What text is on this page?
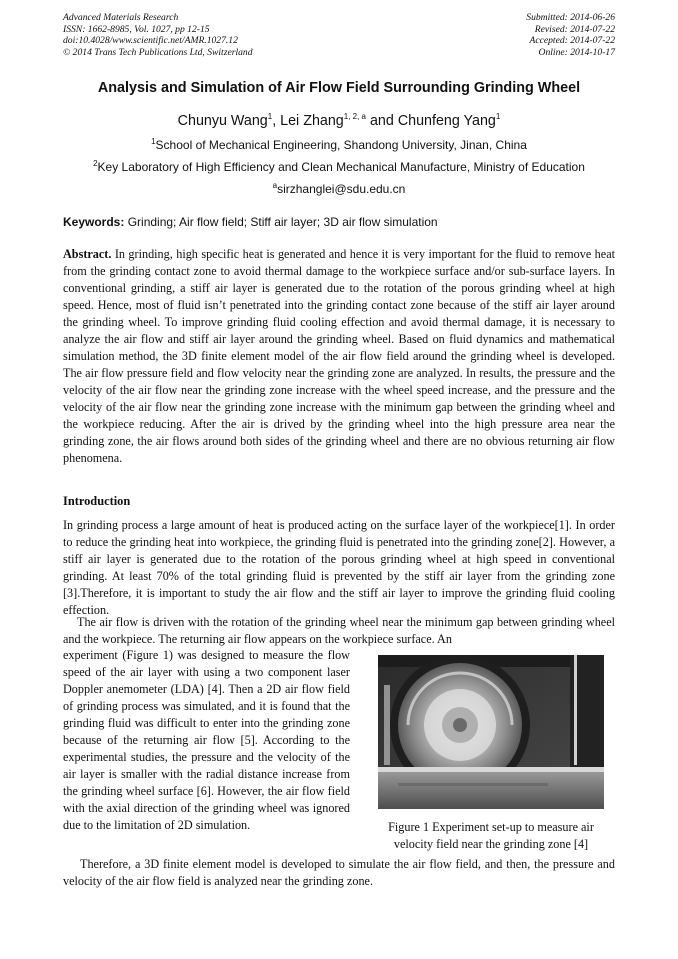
Advanced Materials Research
ISSN: 1662-8985, Vol. 1027, pp 12-15
doi:10.4028/www.scientific.net/AMR.1027.12
© 2014 Trans Tech Publications Ltd, Switzerland
Submitted: 2014-06-26
Revised: 2014-07-22
Accepted: 2014-07-22
Online: 2014-10-17
Analysis and Simulation of Air Flow Field Surrounding Grinding Wheel
Chunyu Wang$^1$, Lei Zhang$^{1, 2, a}$ and Chunfeng Yang$^1$
$^1$School of Mechanical Engineering, Shandong University, Jinan, China
$^2$Key Laboratory of High Efficiency and Clean Mechanical Manufacture, Ministry of Education
$^a$sirzhanglei@sdu.edu.cn
Keywords: Grinding; Air flow field; Stiff air layer; 3D air flow simulation
Abstract. In grinding, high specific heat is generated and hence it is very important for the fluid to remove heat from the grinding contact zone to avoid thermal damage to the workpiece surface and/or sub-surface layers. In conventional grinding, a stiff air layer is generated due to the rotation of the porous grinding wheel at high speed. Hence, most of fluid isn’t penetrated into the grinding contact zone because of the stiff air layer around the grinding wheel. To improve grinding fluid cooling effection and avoid thermal damage, it is necessary to analyze the air flow and stiff air layer around the grinding wheel. Based on fluid dynamics and mathematical simulation method, the 3D finite element model of the air flow field around the grinding wheel is developed. The air flow pressure field and flow velocity near the grinding zone are analyzed. In results, the pressure and the velocity of the air flow near the grinding zone increase with the wheel speed increase, and the pressure and the velocity of the air flow near the grinding zone increase with the minimum gap between the grinding wheel and the workpiece reducing. After the air is drived by the grinding wheel into the high pressure area near the grinding zone, the air flows around both sides of the grinding wheel and there are no obvious returning air flow phenomena.
Introduction
In grinding process a large amount of heat is produced acting on the surface layer of the workpiece[1]. In order to reduce the grinding heat into workpiece, the grinding fluid is penetrated into the grinding zone[2]. However, a stiff air layer is generated due to the rotation of the porous grinding wheel at high speed in conventional grinding. At least 70% of the total grinding fluid is prevented by the stiff air layer from the grinding zone [3].Therefore, it is important to study the air flow and the stiff air layer to improve the grinding fluid cooling effection.
The air flow is driven with the rotation of the grinding wheel near the minimum gap between grinding wheel and the workpiece. The returning air flow appears on the workpiece surface. An
experiment (Figure 1) was designed to measure the flow speed of the air layer with using a two component laser Doppler anemometer (LDA) [4]. Then a 2D air flow field of grinding process was simulated, and it is found that the grinding fluid was difficult to enter into the grinding zone because of the returning air flow [5]. According to the experimental studies, the pressure and the velocity of the air layer is smaller with the radial distance increase from the grinding wheel surface [6]. However, the air flow field with the axial direction of the grinding wheel was ignored due to the limitation of 2D simulation.
Therefore, a 3D finite element model is developed to simulate the air flow field, and then, the pressure and velocity of the air flow field is analyzed near the grinding zone.
Figure 1 Experiment set-up to measure air velocity field near the grinding zone [4]
